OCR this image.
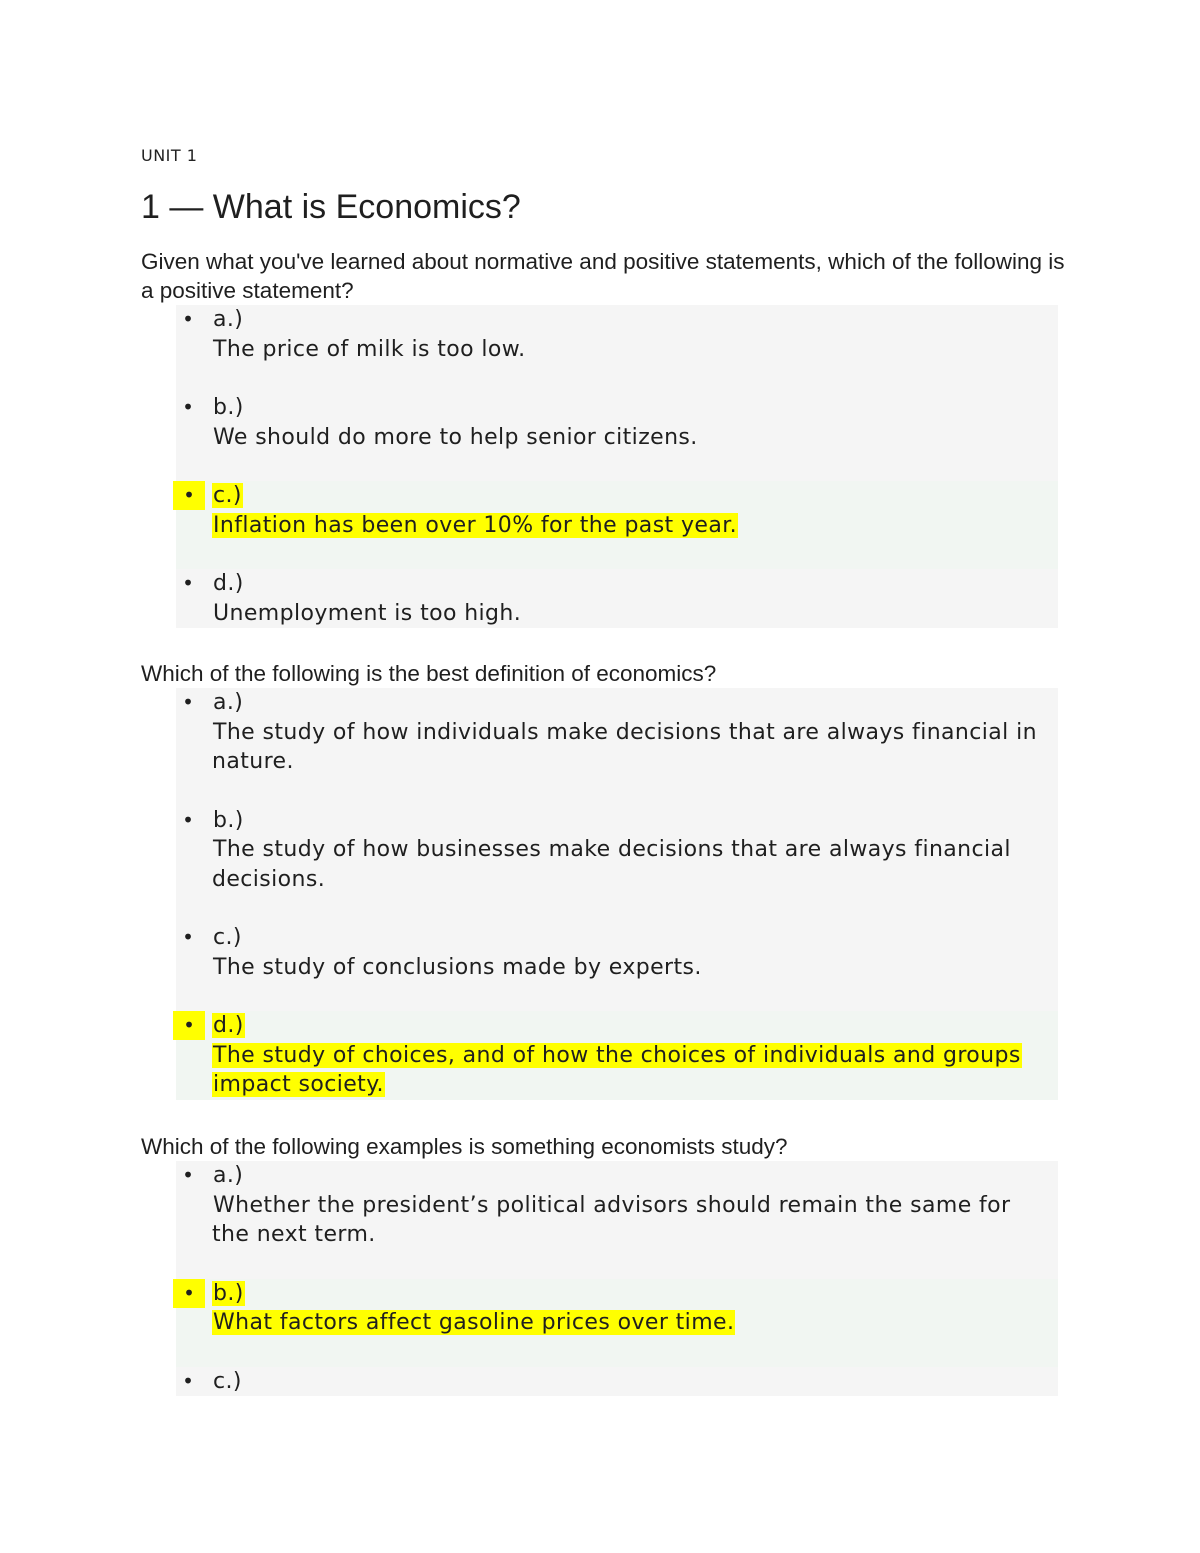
UNIT 1

1 — What is Economics?

Given what you've learned about normative and positive statements, which of the following is a positive statement?

• a.)
The price of milk is too low.
• b.)
We should do more to help senior citizens.
• c.)
Inflation has been over 10% for the past year.
• d.)
Unemployment is too high.

Which of the following is the best definition of economics?

• a.)
The study of how individuals make decisions that are always financial in nature.
• b.)
The study of how businesses make decisions that are always financial decisions.
• c.)
The study of conclusions made by experts.
• d.)
The study of choices, and of how the choices of individuals and groups impact society.

Which of the following examples is something economists study?

• a.)
Whether the president’s political advisors should remain the same for the next term.
• b.)
What factors affect gasoline prices over time.
• c.)
